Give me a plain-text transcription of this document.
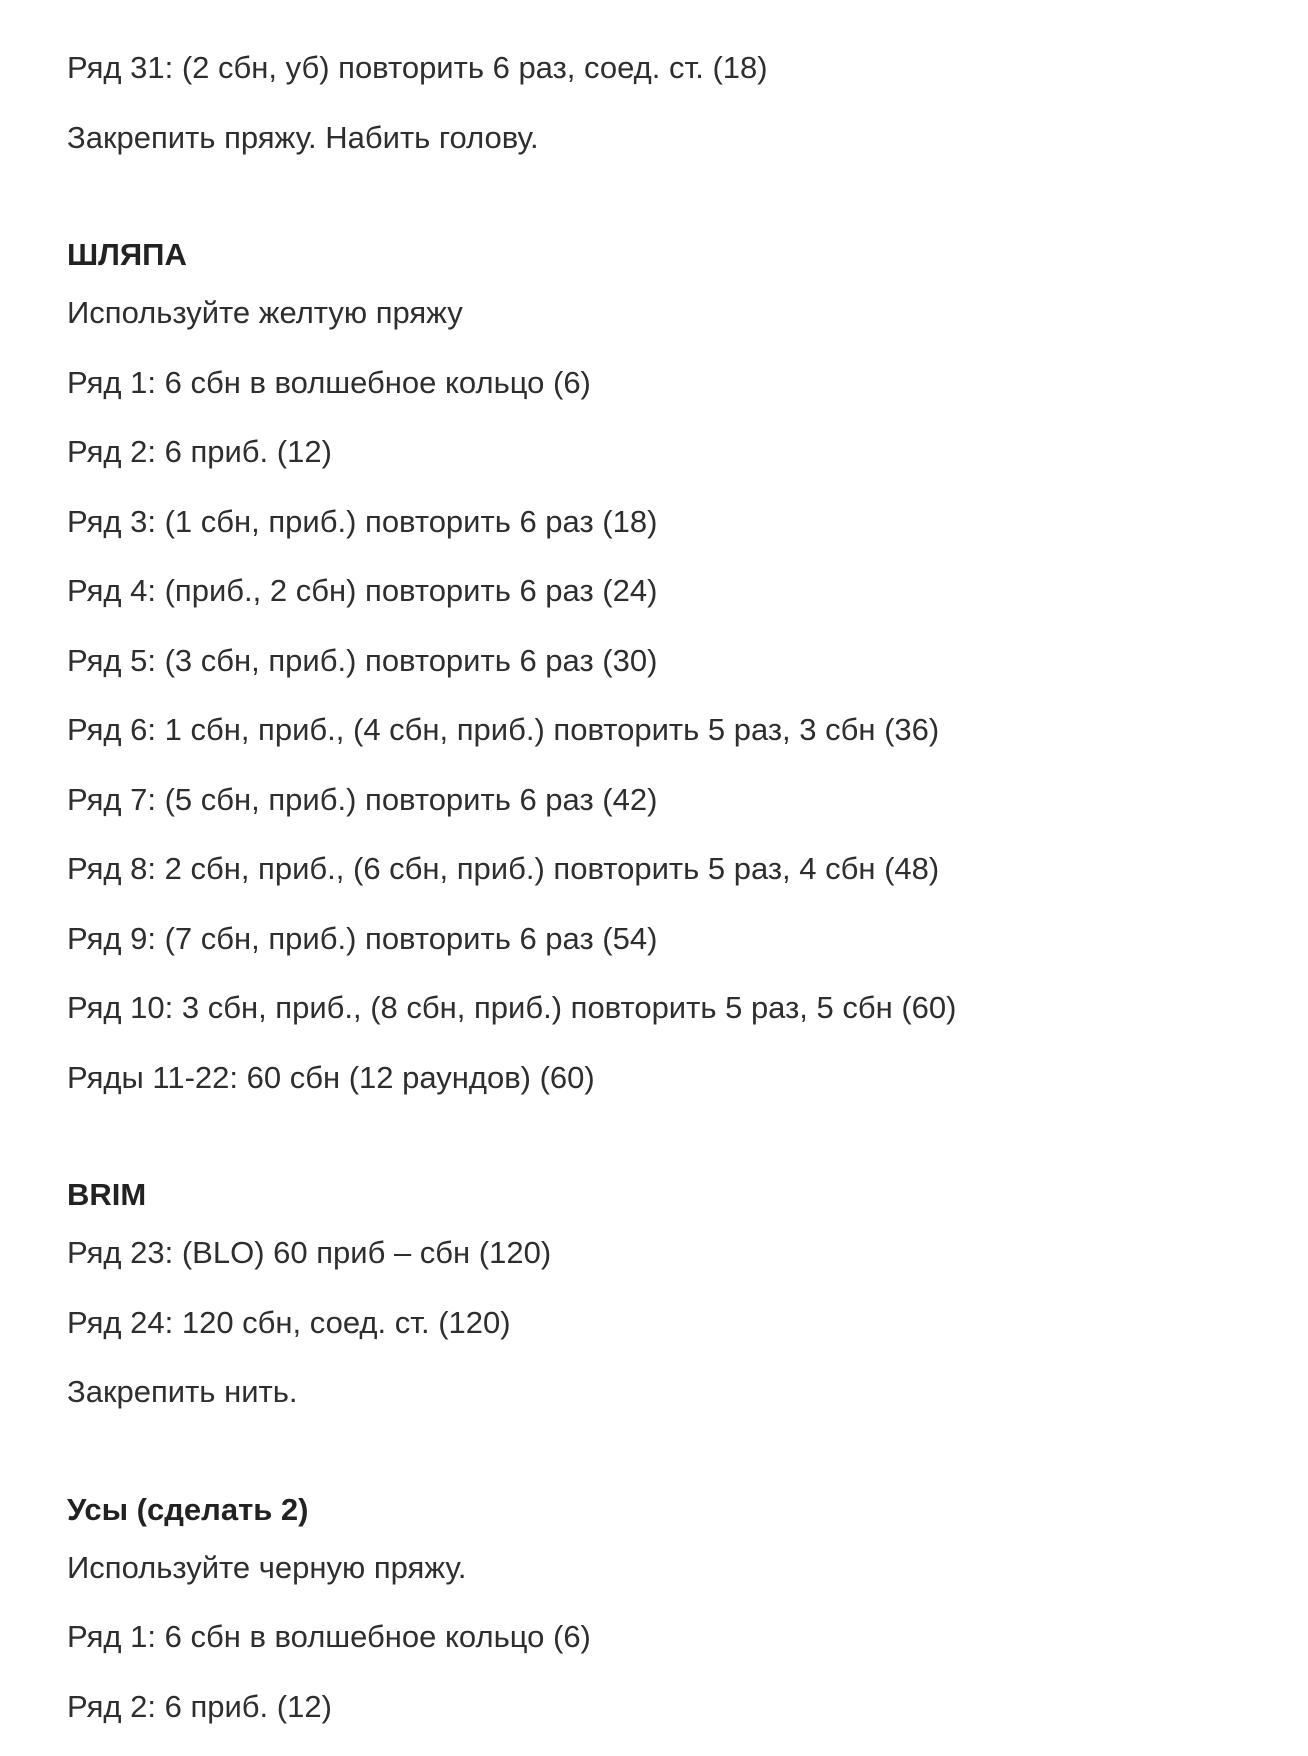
Ряд 31: (2 сбн, уб) повторить 6 раз, соед. ст. (18)
Закрепить пряжу. Набить голову.
ШЛЯПА
Используйте желтую пряжу
Ряд 1: 6 сбн в волшебное кольцо (6)
Ряд 2: 6 приб. (12)
Ряд 3: (1 сбн, приб.) повторить 6 раз (18)
Ряд 4: (приб., 2 сбн) повторить 6 раз (24)
Ряд 5: (3 сбн, приб.) повторить 6 раз (30)
Ряд 6: 1 сбн, приб., (4 сбн, приб.) повторить 5 раз, 3 сбн (36)
Ряд 7: (5 сбн, приб.) повторить 6 раз (42)
Ряд 8: 2 сбн, приб., (6 сбн, приб.) повторить 5 раз, 4 сбн (48)
Ряд 9: (7 сбн, приб.) повторить 6 раз (54)
Ряд 10: 3 сбн, приб., (8 сбн, приб.) повторить 5 раз, 5 сбн (60)
Ряды 11-22: 60 сбн (12 раундов) (60)
BRIM
Ряд 23: (BLO) 60 приб – сбн (120)
Ряд 24: 120 сбн, соед. ст. (120)
Закрепить нить.
Усы (сделать 2)
Используйте черную пряжу.
Ряд 1: 6 сбн в волшебное кольцо (6)
Ряд 2: 6 приб. (12)
